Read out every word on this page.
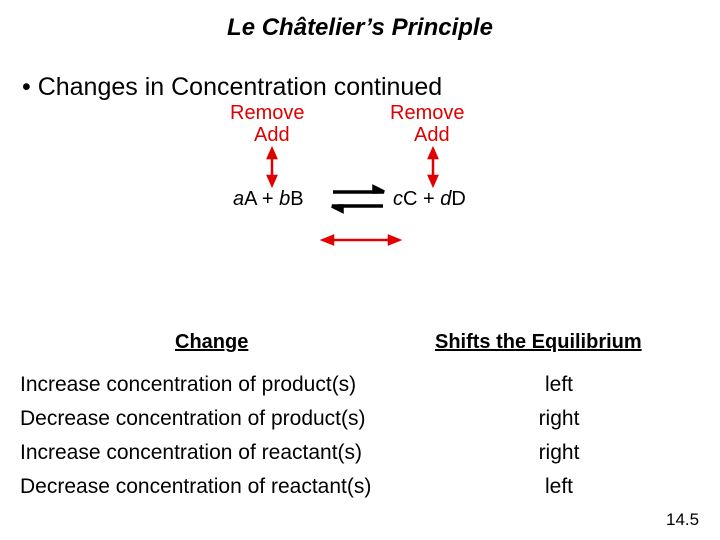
Le Châtelier’s Principle
• Changes in Concentration continued
Remove
Add
Remove
Add
aA + bB	cC + dD
Change	Shifts the Equilibrium
Increase concentration of product(s)
Decrease concentration of product(s)
Increase concentration of reactant(s)
Decrease concentration of reactant(s)
left
right
right
left
14.5
